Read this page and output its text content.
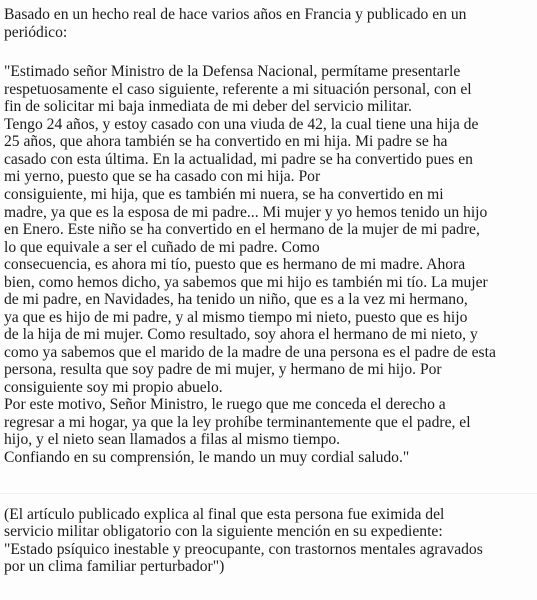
Basado en un hecho real de hace varios años en Francia y publicado en un
periódico:
"Estimado señor Ministro de la Defensa Nacional, permítame presentarle
respetuosamente el caso siguiente, referente a mi situación personal, con el
fin de solicitar mi baja inmediata de mi deber del servicio militar.
Tengo 24 años, y estoy casado con una viuda de 42, la cual tiene una hija de
25 años, que ahora también se ha convertido en mi hija. Mi padre se ha
casado con esta última. En la actualidad, mi padre se ha convertido pues en
mi yerno, puesto que se ha casado con mi hija. Por
consiguiente, mi hija, que es también mi nuera, se ha convertido en mi
madre, ya que es la esposa de mi padre... Mi mujer y yo hemos tenido un hijo
en Enero. Este niño se ha convertido en el hermano de la mujer de mi padre,
lo que equivale a ser el cuñado de mi padre. Como
consecuencia, es ahora mi tío, puesto que es hermano de mi madre. Ahora
bien, como hemos dicho, ya sabemos que mi hijo es también mi tío. La mujer
de mi padre, en Navidades, ha tenido un niño, que es a la vez mi hermano,
ya que es hijo de mi padre, y al mismo tiempo mi nieto, puesto que es hijo
de la hija de mi mujer. Como resultado, soy ahora el hermano de mi nieto, y
como ya sabemos que el marido de la madre de una persona es el padre de esta
persona, resulta que soy padre de mi mujer, y hermano de mi hijo. Por
consiguiente soy mi propio abuelo.
Por este motivo, Señor Ministro, le ruego que me conceda el derecho a
regresar a mi hogar, ya que la ley prohíbe terminantemente que el padre, el
hijo, y el nieto sean llamados a filas al mismo tiempo.
Confiando en su comprensión, le mando un muy cordial saludo."
(El artículo publicado explica al final que esta persona fue eximida del
servicio militar obligatorio con la siguiente mención en su expediente:
"Estado psíquico inestable y preocupante, con trastornos mentales agravados
por un clima familiar perturbador")
